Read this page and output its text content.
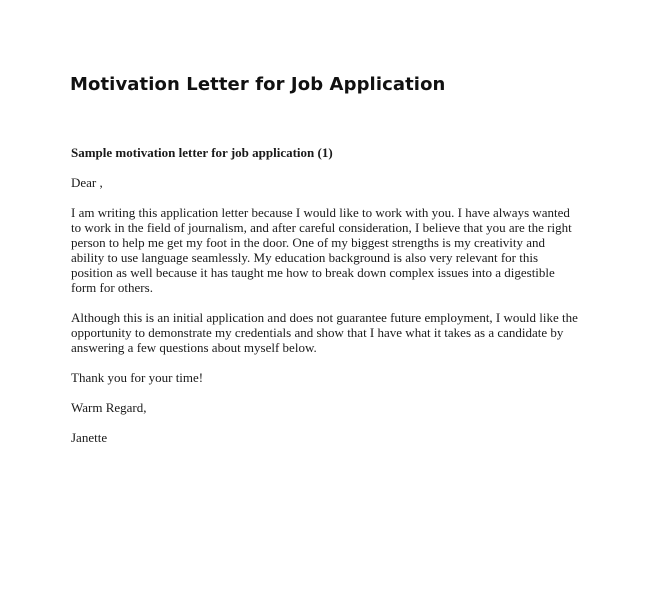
Motivation Letter for Job Application

Sample motivation letter for job application (1)

Dear ,

I am writing this application letter because I would like to work with you. I have always wanted
to work in the field of journalism, and after careful consideration, I believe that you are the right
person to help me get my foot in the door. One of my biggest strengths is my creativity and
ability to use language seamlessly. My education background is also very relevant for this
position as well because it has taught me how to break down complex issues into a digestible
form for others.

Although this is an initial application and does not guarantee future employment, I would like the
opportunity to demonstrate my credentials and show that I have what it takes as a candidate by
answering a few questions about myself below.

Thank you for your time!

Warm Regard,

Janette
